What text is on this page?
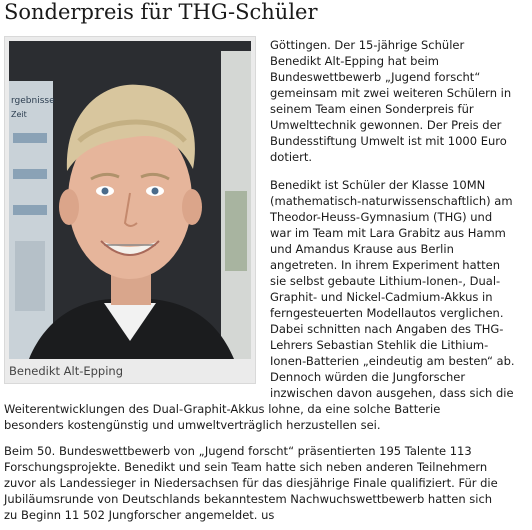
Sonderpreis für THG-Schüler
rgebnisse
Zeit
Benedikt Alt-Epping

Göttingen. Der 15-jährige Schüler
Benedikt Alt-Epping hat beim
Bundeswettbewerb „Jugend forscht“
gemeinsam mit zwei weiteren Schülern in
seinem Team einen Sonderpreis für
Umwelttechnik gewonnen. Der Preis der
Bundesstiftung Umwelt ist mit 1000 Euro
dotiert.

Benedikt ist Schüler der Klasse 10MN
(mathematisch-naturwissenschaftlich) am
Theodor-Heuss-Gymnasium (THG) und
war im Team mit Lara Grabitz aus Hamm
und Amandus Krause aus Berlin
angetreten. In ihrem Experiment hatten
sie selbst gebaute Lithium-Ionen-, Dual-
Graphit- und Nickel-Cadmium-Akkus in
ferngesteuerten Modellautos verglichen.
Dabei schnitten nach Angaben des THG-
Lehrers Sebastian Stehlik die Lithium-
Ionen-Batterien „eindeutig am besten“ ab.
Dennoch würden die Jungforscher
inzwischen davon ausgehen, dass sich die

Weiterentwicklungen des Dual-Graphit-Akkus lohne, da eine solche Batterie
besonders kostengünstig und umweltverträglich herzustellen sei.

Beim 50. Bundeswettbewerb von „Jugend forscht“ präsentierten 195 Talente 113
Forschungsprojekte. Benedikt und sein Team hatte sich neben anderen Teilnehmern
zuvor als Landessieger in Niedersachsen für das diesjährige Finale qualifiziert. Für die
Jubiläumsrunde von Deutschlands bekanntestem Nachwuchswettbewerb hatten sich
zu Beginn 11 502 Jungforscher angemeldet. us
